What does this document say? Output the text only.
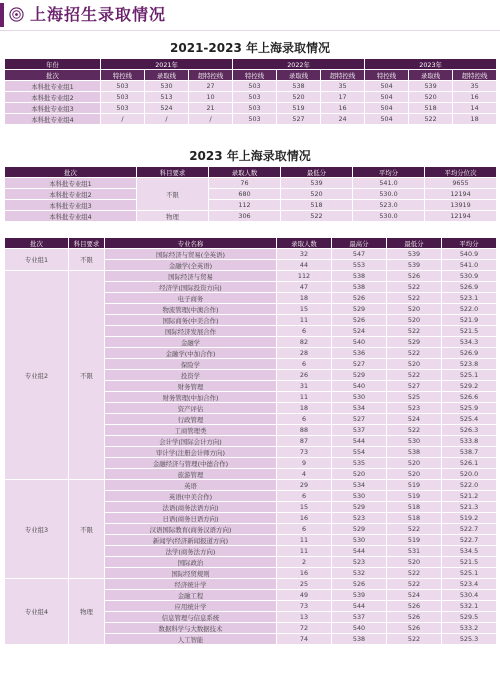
上海招生录取情况
2021-2023 年上海录取情况
年份	2021年			2022年			2023年		
批次	特控线	录取线	超特控线	特控线	录取线	超特控线	特控线	录取线	超特控线
本科批专业组1	503	530	27	503	538	35	504	539	35
本科批专业组2	503	513	10	503	520	17	504	520	16
本科批专业组3	503	524	21	503	519	16	504	518	14
本科批专业组4	/	/	/	503	527	24	504	522	18
2023 年上海录取情况
批次	科目要求	录取人数	最低分	平均分	平均分位次
本科批专业组1	不限	76	539	541.0	9655
本科批专业组2		680	520	530.0	12194
本科批专业组3		112	518	523.0	13919
本科批专业组4	物理	306	522	530.0	12194
批次	科目要求	专业名称	录取人数	最高分	最低分	平均分
专业组1	不限	国际经济与贸易(全英语)	32	547	539	540.9
		金融学(全英语)	44	553	539	541.0
专业组2	不限	国际经济与贸易	112	538	526	530.9
		经济学(国际投资方向)	47	538	522	526.9
		电子商务	18	526	522	523.1
		物流管理(中澳合作)	15	529	520	522.0
		国际商务(中美合作)	11	526	520	521.9
		国际经济发展合作	6	524	522	521.5
		金融学	82	540	529	534.3
		金融学(中加合作)	28	536	522	526.9
		保险学	6	527	520	523.8
		投资学	26	529	522	525.1
		财务管理	31	540	527	529.2
		财务管理(中加合作)	11	530	525	526.6
		资产评估	18	534	523	525.9
		行政管理	6	527	524	525.4
		工商管理类	88	537	522	526.3
		会计学(国际会计方向)	87	544	530	533.8
		审计学(注册会计师方向)	73	554	538	538.7
		金融经济与管理(中德合作)	9	535	520	526.1
		旅游管理	4	520	520	520.0
专业组3	不限	英语	29	534	519	522.0
		英语(中美合作)	6	530	519	521.2
		法语(商务法语方向)	15	529	518	521.3
		日语(商务日语方向)	16	523	518	519.2
		汉语国际教育(商务汉语方向)	6	529	522	522.7
		新闻学(经济新闻报道方向)	11	530	519	522.7
		法学(商务法方向)	11	544	531	534.5
		国际政治	2	523	520	521.5
		国际经贸规则	16	532	522	525.1
专业组4	物理	经济统计学	25	526	522	523.4
		金融工程	49	539	524	530.4
		应用统计学	73	544	526	532.1
		信息管理与信息系统	13	537	526	529.5
		数据科学与大数据技术	72	540	526	533.2
		人工智能	74	538	522	525.3
